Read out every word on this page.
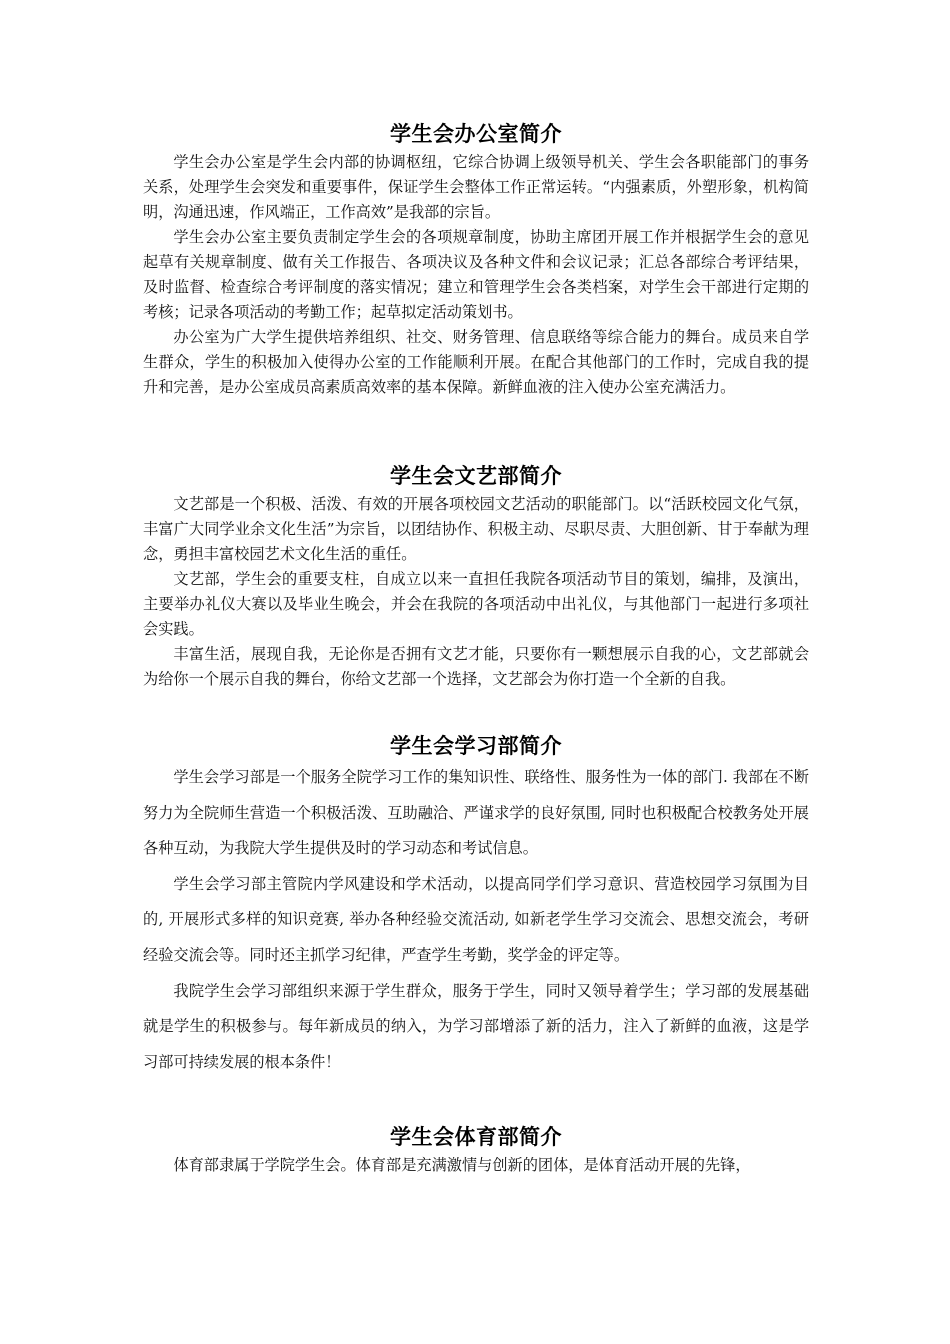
学生会办公室简介

学生会办公室是学生会内部的协调枢纽，它综合协调上级领导机关、学生会各职能部门的事务关系，处理学生会突发和重要事件，保证学生会整体工作正常运转。“内强素质，外塑形象，机构简明，沟通迅速，作风端正，工作高效”是我部的宗旨。

学生会办公室主要负责制定学生会的各项规章制度，协助主席团开展工作并根据学生会的意见起草有关规章制度、做有关工作报告、各项决议及各种文件和会议记录；汇总各部综合考评结果，及时监督、检查综合考评制度的落实情况；建立和管理学生会各类档案，对学生会干部进行定期的考核；记录各项活动的考勤工作；起草拟定活动策划书。

办公室为广大学生提供培养组织、社交、财务管理、信息联络等综合能力的舞台。成员来自学生群众，学生的积极加入使得办公室的工作能顺利开展。在配合其他部门的工作时，完成自我的提升和完善，是办公室成员高素质高效率的基本保障。新鲜血液的注入使办公室充满活力。

学生会文艺部简介

文艺部是一个积极、活泼、有效的开展各项校园文艺活动的职能部门。以“活跃校园文化气氛，丰富广大同学业余文化生活”为宗旨，以团结协作、积极主动、尽职尽责、大胆创新、甘于奉献为理念，勇担丰富校园艺术文化生活的重任。

文艺部，学生会的重要支柱，自成立以来一直担任我院各项活动节目的策划，编排，及演出，主要举办礼仪大赛以及毕业生晚会，并会在我院的各项活动中出礼仪，与其他部门一起进行多项社会实践。

丰富生活，展现自我，无论你是否拥有文艺才能，只要你有一颗想展示自我的心，文艺部就会为给你一个展示自我的舞台，你给文艺部一个选择，文艺部会为你打造一个全新的自我。

学生会学习部简介

学生会学习部是一个服务全院学习工作的集知识性、联络性、服务性为一体的部门. 我部在不断努力为全院师生营造一个积极活泼、互助融洽、严谨求学的良好氛围, 同时也积极配合校教务处开展各种互动，为我院大学生提供及时的学习动态和考试信息。

学生会学习部主管院内学风建设和学术活动，以提高同学们学习意识、营造校园学习氛围为目的, 开展形式多样的知识竞赛, 举办各种经验交流活动, 如新老学生学习交流会、思想交流会，考研经验交流会等。同时还主抓学习纪律，严查学生考勤，奖学金的评定等。

我院学生会学习部组织来源于学生群众，服务于学生，同时又领导着学生；学习部的发展基础就是学生的积极参与。每年新成员的纳入，为学习部增添了新的活力，注入了新鲜的血液，这是学习部可持续发展的根本条件！

学生会体育部简介

体育部隶属于学院学生会。体育部是充满激情与创新的团体，是体育活动开展的先锋，
